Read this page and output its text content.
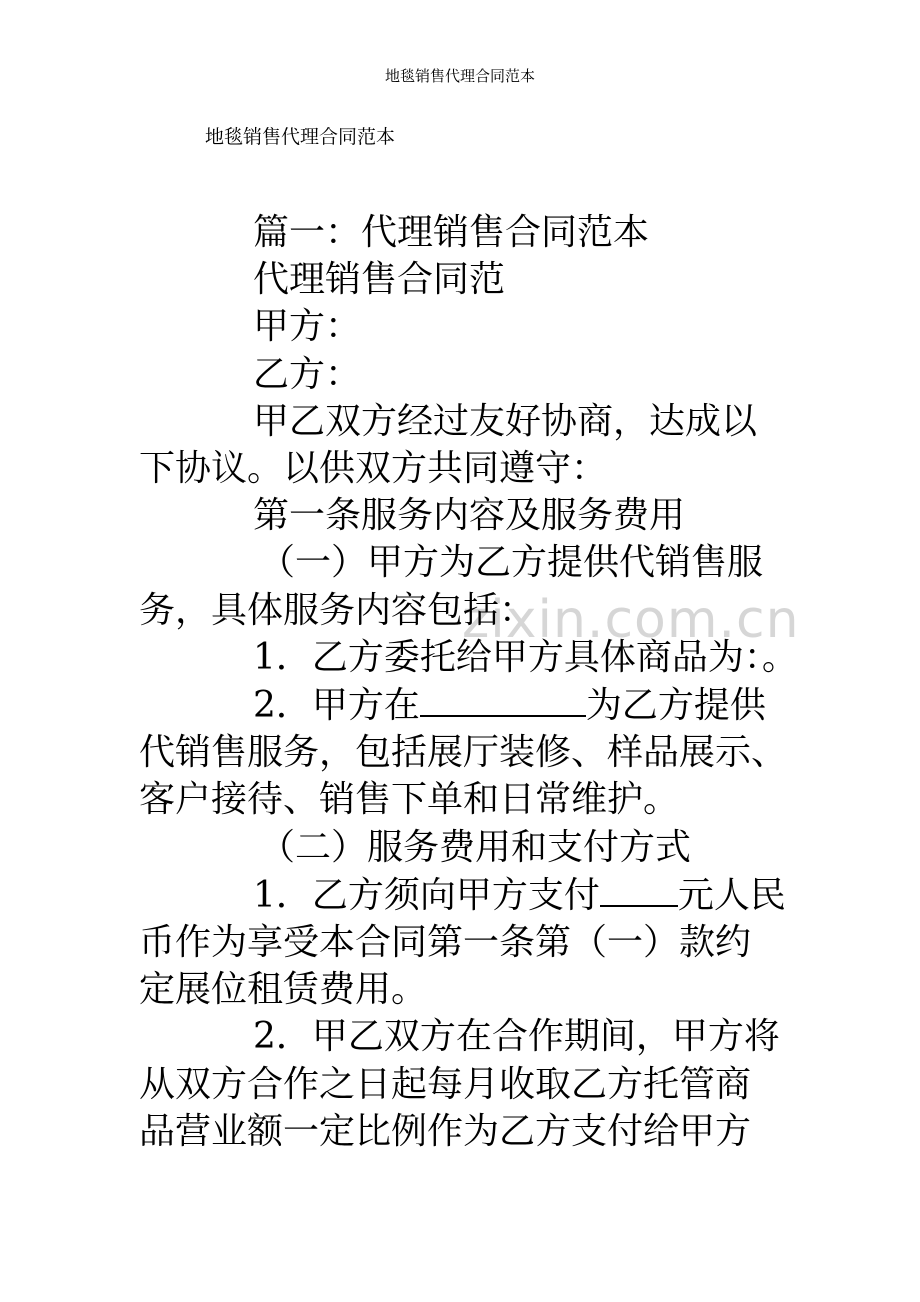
地毯销售代理合同范本
地毯销售代理合同范本
zixin.com.cn

篇一：代理销售合同范本

代理销售合同范

甲方：

乙方：

甲乙双方经过友好协商，达成以

下协议。以供双方共同遵守：

第一条服务内容及服务费用

（一）甲方为乙方提供代销售服

务，具体服务内容包括：

1．乙方委托给甲方具体商品为：。

2．甲方在	为乙方提供

代销售服务，包括展厅装修、样品展示、

客户接待、销售下单和日常维护。

（二）服务费用和支付方式

1．乙方须向甲方支付 元人民

币作为享受本合同第一条第（一）款约

定展位租赁费用。

2．甲乙双方在合作期间，甲方将

从双方合作之日起每月收取乙方托管商

品营业额一定比例作为乙方支付给甲方
